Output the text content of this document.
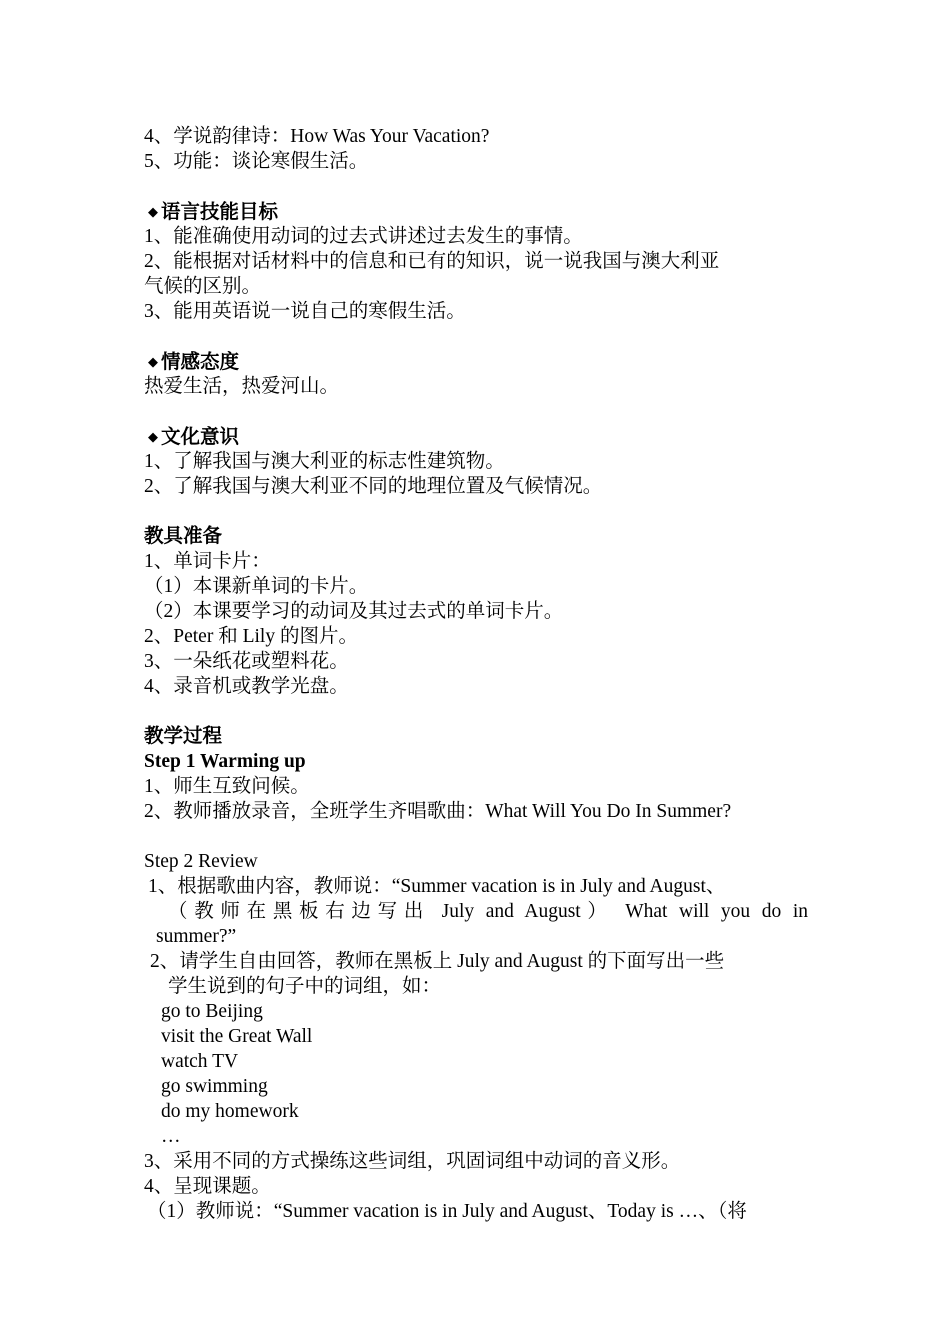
4、学说韵律诗：How Was Your Vacation?
5、功能：谈论寒假生活。
◆ 语言技能目标
1、能准确使用动词的过去式讲述过去发生的事情。
2、能根据对话材料中的信息和已有的知识，说一说我国与澳大利亚
气候的区别。
3、能用英语说一说自己的寒假生活。
◆ 情感态度
热爱生活，热爱河山。
◆ 文化意识
1、了解我国与澳大利亚的标志性建筑物。
2、了解我国与澳大利亚不同的地理位置及气候情况。
教具准备
1、单词卡片：
（1）本课新单词的卡片。
（2）本课要学习的动词及其过去式的单词卡片。
2、Peter 和 Lily 的图片。
3、一朵纸花或塑料花。
4、录音机或教学光盘。
教学过程
Step 1 Warming up
1、师生互致问候。
2、教师播放录音，全班学生齐唱歌曲：What Will You Do In Summer?
Step 2 Review
1、根据歌曲内容，教师说：“Summer vacation is in July and August、
（教师在黑板右边写出 July and August） What will you do in
summer?”
2、请学生自由回答，教师在黑板上 July and August 的下面写出一些
学生说到的句子中的词组，如：
go to Beijing
visit the Great Wall
watch TV
go swimming
do my homework
…
3、采用不同的方式操练这些词组，巩固词组中动词的音义形。
4、呈现课题。
（1）教师说：“Summer vacation is in July and August、Today is …、（将
